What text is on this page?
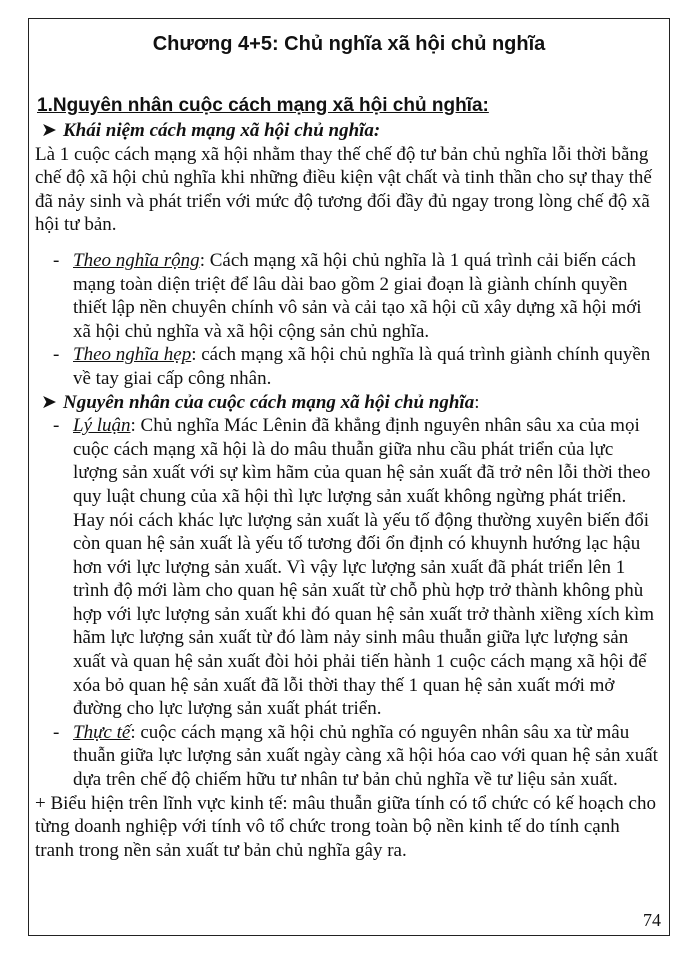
Chương 4+5: Chủ nghĩa xã hội chủ nghĩa
1.Nguyên nhân cuộc cách mạng xã hội chủ nghĩa:
➤ Khái niệm cách mạng xã hội chủ nghĩa:

Là 1 cuộc cách mạng xã hội nhằm thay thế chế độ tư bản chủ nghĩa lỗi thời bằng chế độ xã hội chủ nghĩa khi những điều kiện vật chất và tinh thần cho sự thay thế đã nảy sinh và phát triển với mức độ tương đối đầy đủ ngay trong lòng chế độ xã hội tư bản.

- Theo nghĩa rộng: Cách mạng xã hội chủ nghĩa là 1 quá trình cải biến cách mạng toàn diện triệt để lâu dài bao gồm 2 giai đoạn là giành chính quyền thiết lập nền chuyên chính vô sản và cải tạo xã hội cũ xây dựng xã hội mới xã hội chủ nghĩa và xã hội cộng sản chủ nghĩa.
- Theo nghĩa hẹp: cách mạng xã hội chủ nghĩa là quá trình giành chính quyền về tay giai cấp công nhân.
➤ Nguyên nhân của cuộc cách mạng xã hội chủ nghĩa:
- Lý luận: Chủ nghĩa Mác Lênin đã khẳng định nguyên nhân sâu xa của mọi cuộc cách mạng xã hội là do mâu thuẫn giữa nhu cầu phát triển của lực lượng sản xuất với sự kìm hãm của quan hệ sản xuất đã trở nên lỗi thời theo quy luật chung của xã hội thì lực lượng sản xuất không ngừng phát triển. Hay nói cách khác lực lượng sản xuất là yếu tố động thường xuyên biến đổi còn quan hệ sản xuất là yếu tố tương đối ổn định có khuynh hướng lạc hậu hơn với lực lượng sản xuất. Vì vậy lực lượng sản xuất đã phát triển lên 1 trình độ mới làm cho quan hệ sản xuất từ chỗ phù hợp trở thành không phù hợp với lực lượng sản xuất khi đó quan hệ sản xuất trở thành xiềng xích kìm hãm lực lượng sản xuất từ đó làm nảy sinh mâu thuẫn giữa lực lượng sản xuất và quan hệ sản xuất đòi hỏi phải tiến hành 1 cuộc cách mạng xã hội để xóa bỏ quan hệ sản xuất đã lỗi thời thay thế 1 quan hệ sản xuất mới mở đường cho lực lượng sản xuất phát triển.
- Thực tế: cuộc cách mạng xã hội chủ nghĩa có nguyên nhân sâu xa từ mâu thuẫn giữa lực lượng sản xuất ngày càng xã hội hóa cao với quan hệ sản xuất dựa trên chế độ chiếm hữu tư nhân tư bản chủ nghĩa về tư liệu sản xuất.

+ Biểu hiện trên lĩnh vực kinh tế: mâu thuẫn giữa tính có tổ chức có kế hoạch cho từng doanh nghiệp với tính vô tổ chức trong toàn bộ nền kinh tế do tính cạnh tranh trong nền sản xuất tư bản chủ nghĩa gây ra.

74
